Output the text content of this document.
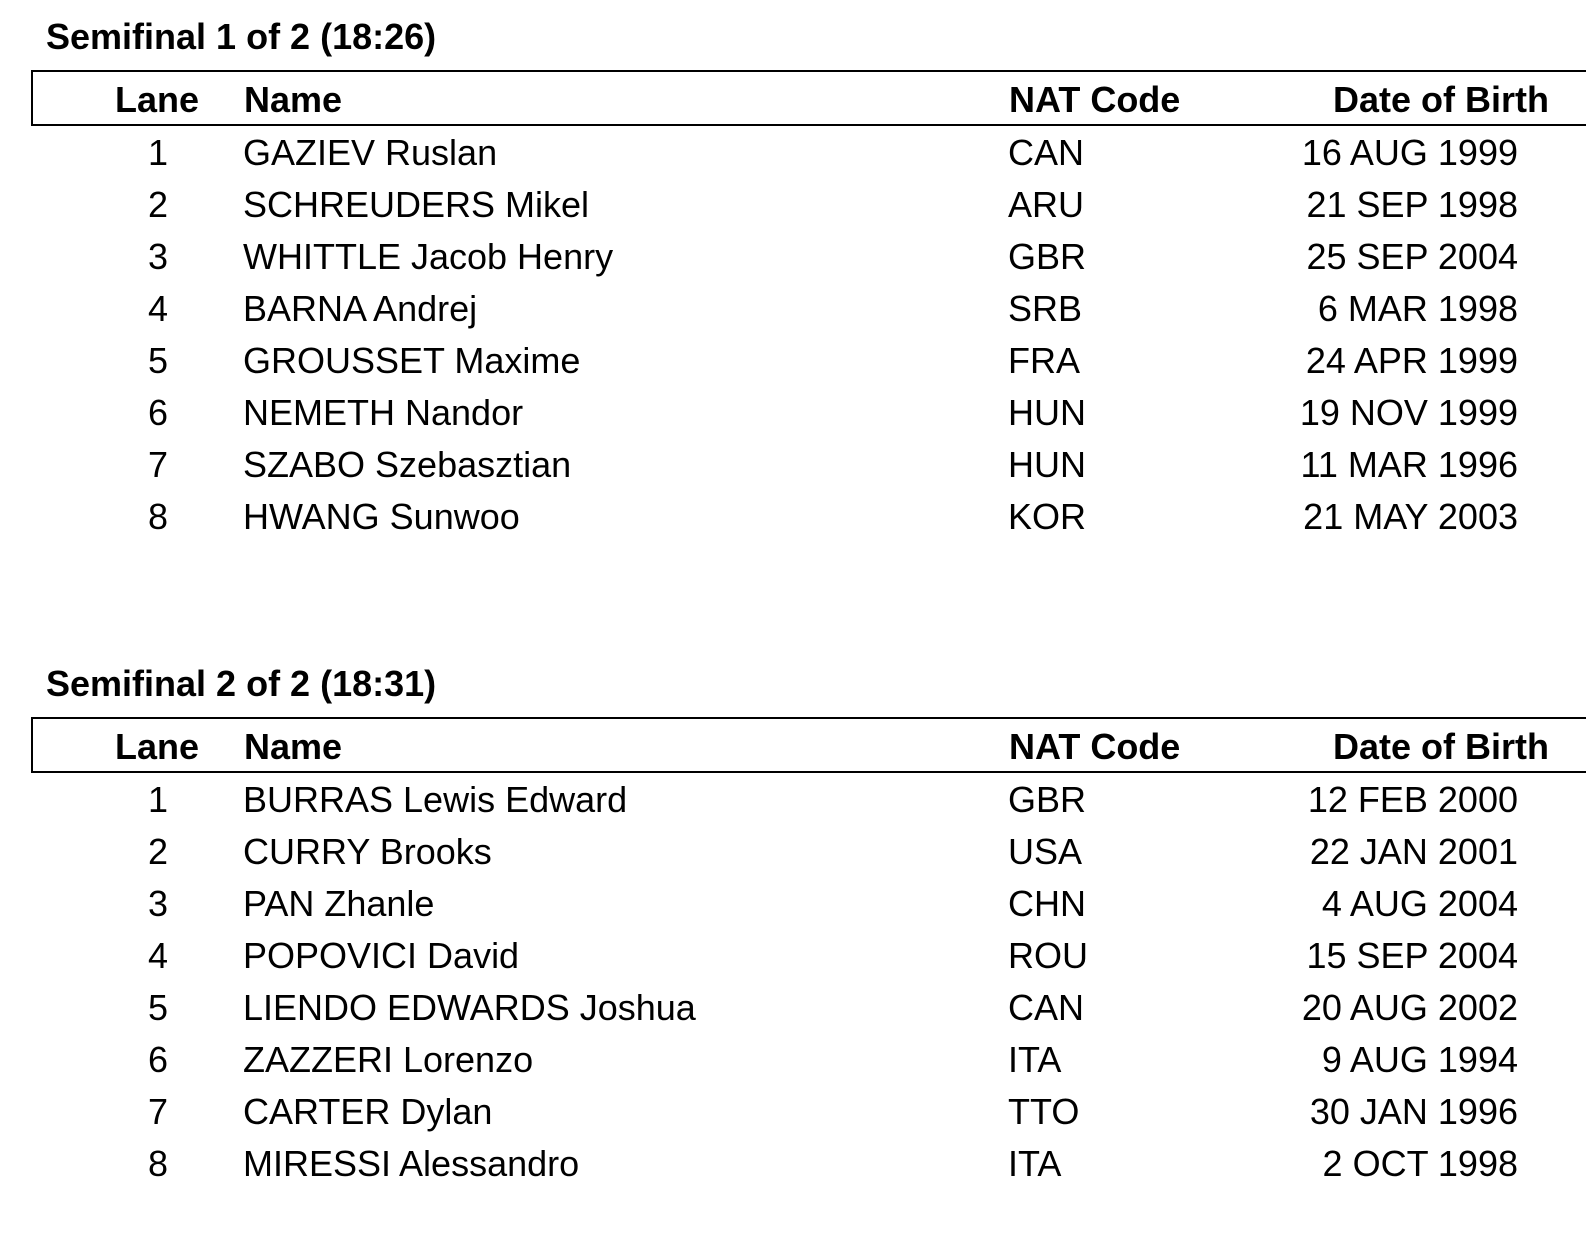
Semifinal 1 of 2 (18:26)
Lane Name	NAT Code	Date of Birth
1 GAZIEV Ruslan	CAN	16 AUG 1999
2 SCHREUDERS Mikel	ARU	21 SEP 1998
3 WHITTLE Jacob Henry	GBR	25 SEP 2004
4 BARNA Andrej	SRB	6 MAR 1998
5 GROUSSET Maxime	FRA	24 APR 1999
6 NEMETH Nandor	HUN	19 NOV 1999
7 SZABO Szebasztian	HUN	11 MAR 1996
8 HWANG Sunwoo	KOR	21 MAY 2003
Semifinal 2 of 2 (18:31)
Lane Name	NAT Code	Date of Birth
1 BURRAS Lewis Edward	GBR	12 FEB 2000
2 CURRY Brooks	USA	22 JAN 2001
3 PAN Zhanle	CHN	4 AUG 2004
4 POPOVICI David	ROU	15 SEP 2004
5 LIENDO EDWARDS Joshua	CAN	20 AUG 2002
6 ZAZZERI Lorenzo	ITA	9 AUG 1994
7 CARTER Dylan	TTO	30 JAN 1996
8 MIRESSI Alessandro	ITA	2 OCT 1998
